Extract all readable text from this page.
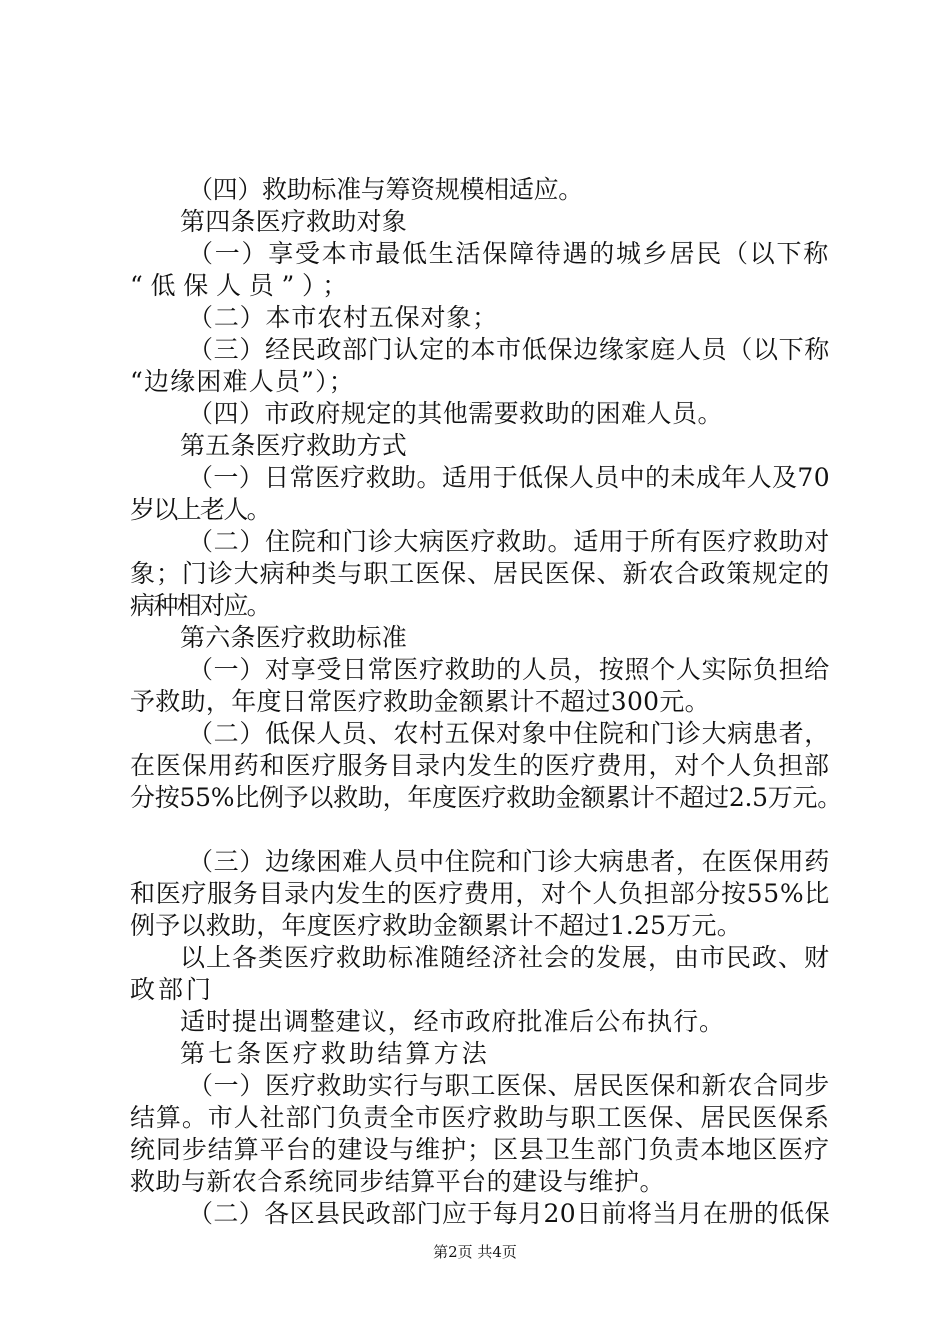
（四）救助标准与筹资规模相适应。
第四条医疗救助对象
（一）享受本市最低生活保障待遇的城乡居民（以下称
“低保人员”）；
（二）本市农村五保对象；
（三）经民政部门认定的本市低保边缘家庭人员（以下称
“边缘困难人员”）；
（四）市政府规定的其他需要救助的困难人员。
第五条医疗救助方式
（一）日常医疗救助。适用于低保人员中的未成年人及70
岁以上老人。
（二）住院和门诊大病医疗救助。适用于所有医疗救助对
象；门诊大病种类与职工医保、居民医保、新农合政策规定的
病种相对应。
第六条医疗救助标准
（一）对享受日常医疗救助的人员，按照个人实际负担给
予救助，年度日常医疗救助金额累计不超过300元。
（二）低保人员、农村五保对象中住院和门诊大病患者，
在医保用药和医疗服务目录内发生的医疗费用，对个人负担部
分按55%比例予以救助，年度医疗救助金额累计不超过2.5万元。
（三）边缘困难人员中住院和门诊大病患者，在医保用药
和医疗服务目录内发生的医疗费用，对个人负担部分按55%比
例予以救助，年度医疗救助金额累计不超过1.25万元。
以上各类医疗救助标准随经济社会的发展，由市民政、财
政部门
适时提出调整建议，经市政府批准后公布执行。
第七条医疗救助结算方法
（一）医疗救助实行与职工医保、居民医保和新农合同步
结算。市人社部门负责全市医疗救助与职工医保、居民医保系
统同步结算平台的建设与维护；区县卫生部门负责本地区医疗
救助与新农合系统同步结算平台的建设与维护。
（二）各区县民政部门应于每月20日前将当月在册的低保
第2页 共4页
